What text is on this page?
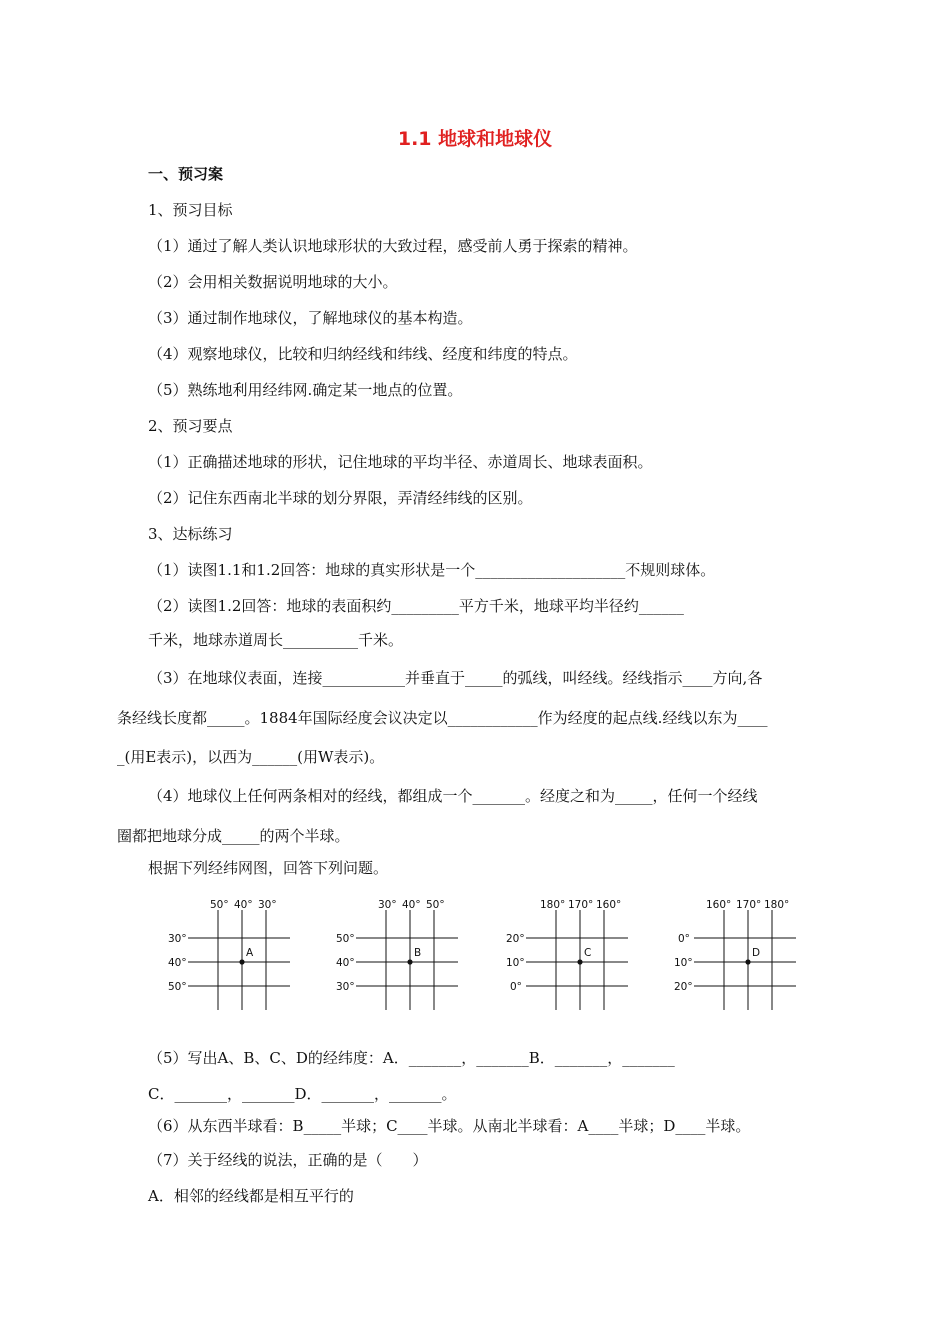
1.1 地球和地球仪
一、预习案
1、预习目标
（1）通过了解人类认识地球形状的大致过程，感受前人勇于探索的精神。
（2）会用相关数据说明地球的大小。
（3）通过制作地球仪，了解地球仪的基本构造。
（4）观察地球仪，比较和归纳经线和纬线、经度和纬度的特点。
（5）熟练地利用经纬网.确定某一地点的位置。
2、预习要点
（1）正确描述地球的形状，记住地球的平均半径、赤道周长、地球表面积。
（2）记住东西南北半球的划分界限，弄清经纬线的区别。
3、达标练习
（1）读图1.1和1.2回答：地球的真实形状是一个____________________不规则球体。
（2）读图1.2回答：地球的表面积约_________平方千米，地球平均半径约______
千米，地球赤道周长__________千米。
（3）在地球仪表面，连接___________并垂直于_____的弧线，叫经线。经线指示____方向,各
条经线长度都_____。1884年国际经度会议决定以____________作为经度的起点线.经线以东为____
_(用E表示)，以西为______(用W表示)。
（4）地球仪上任何两条相对的经线，都组成一个_______。经度之和为_____，任何一个经线
圈都把地球分成_____的两个半球。
根据下列经纬网图，回答下列问题。
A
50° 40° 30°
30°
40°
50°
B
30° 40° 50°
50°
40°
30°
C
180° 170° 160°
20°
10°
0°
D
160° 170° 180°
0°
10°
20°
（5）写出A、B、C、D的经纬度：A．_______，_______B．_______，_______
C．_______，_______D．_______，_______。
（6）从东西半球看：B_____半球；C____半球。从南北半球看：A____半球；D____半球。
（7）关于经线的说法，正确的是（　　）
A．相邻的经线都是相互平行的
